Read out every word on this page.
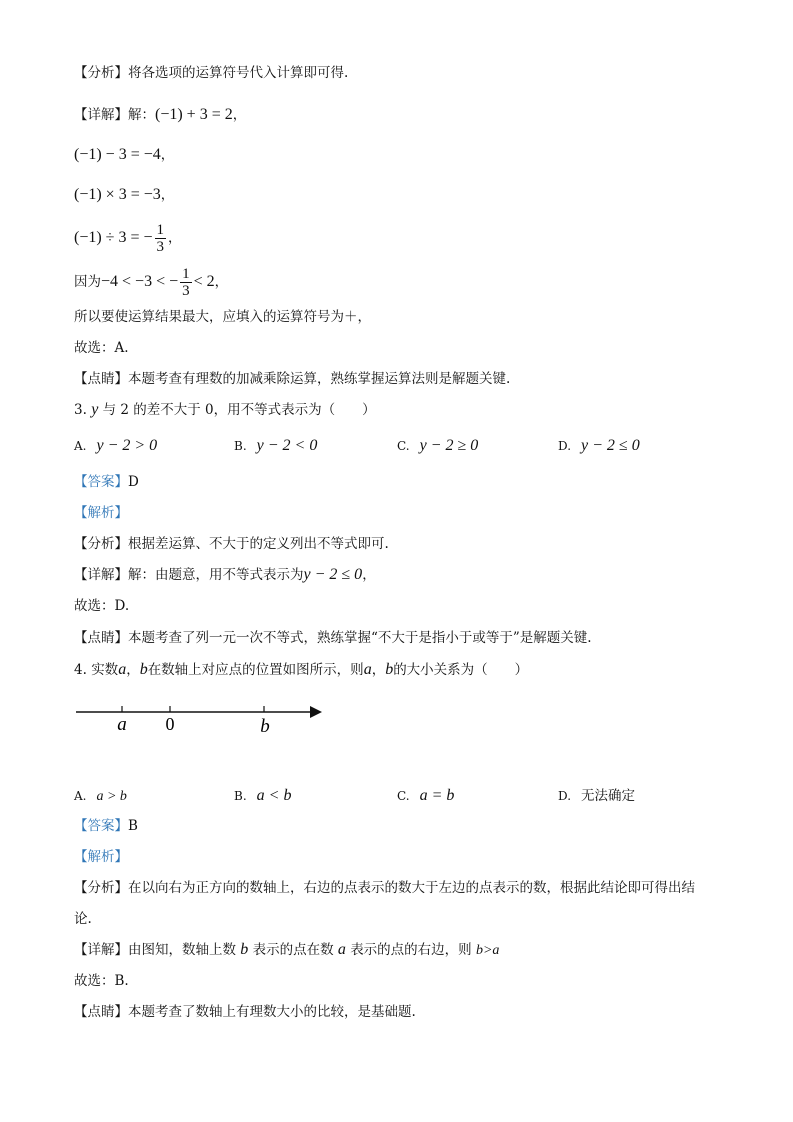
【分析】将各选项的运算符号代入计算即可得.
【详解】解：(−1) + 3 = 2，
(−1) − 3 = −4，
(−1) × 3 = −3，
(−1) ÷ 3 = − $\frac{1}{3}$ ，
因为−4 < −3 < − $\frac{1}{3} < 2$，
所以要使运算结果最大，应填入的运算符号为＋，
故选：A.
【点睛】本题考查有理数的加减乘除运算，熟练掌握运算法则是解题关键.
3. y 与 2 的差不大于 0，用不等式表示为（　　）
A. y − 2 > 0	B. y − 2 < 0	C. y − 2 ≥ 0	D. y − 2 ≤ 0
【答案】D
【解析】
【分析】根据差运算、不大于的定义列出不等式即可.
【详解】解：由题意，用不等式表示为y − 2 ≤ 0，
故选：D.
【点睛】本题考查了列一元一次不等式，熟练掌握“不大于是指小于或等于”是解题关键.
4. 实数a，b在数轴上对应点的位置如图所示，则a，b的大小关系为（　　）
a 0	b
A. a > b	B. a < b	C. a = b	D. 无法确定
【答案】B
【解析】
【分析】在以向右为正方向的数轴上，右边的点表示的数大于左边的点表示的数，根据此结论即可得出结
论.
【详解】由图知，数轴上数 b 表示的点在数 a 表示的点的右边，则 b>a
故选：B.
【点睛】本题考查了数轴上有理数大小的比较，是基础题.
